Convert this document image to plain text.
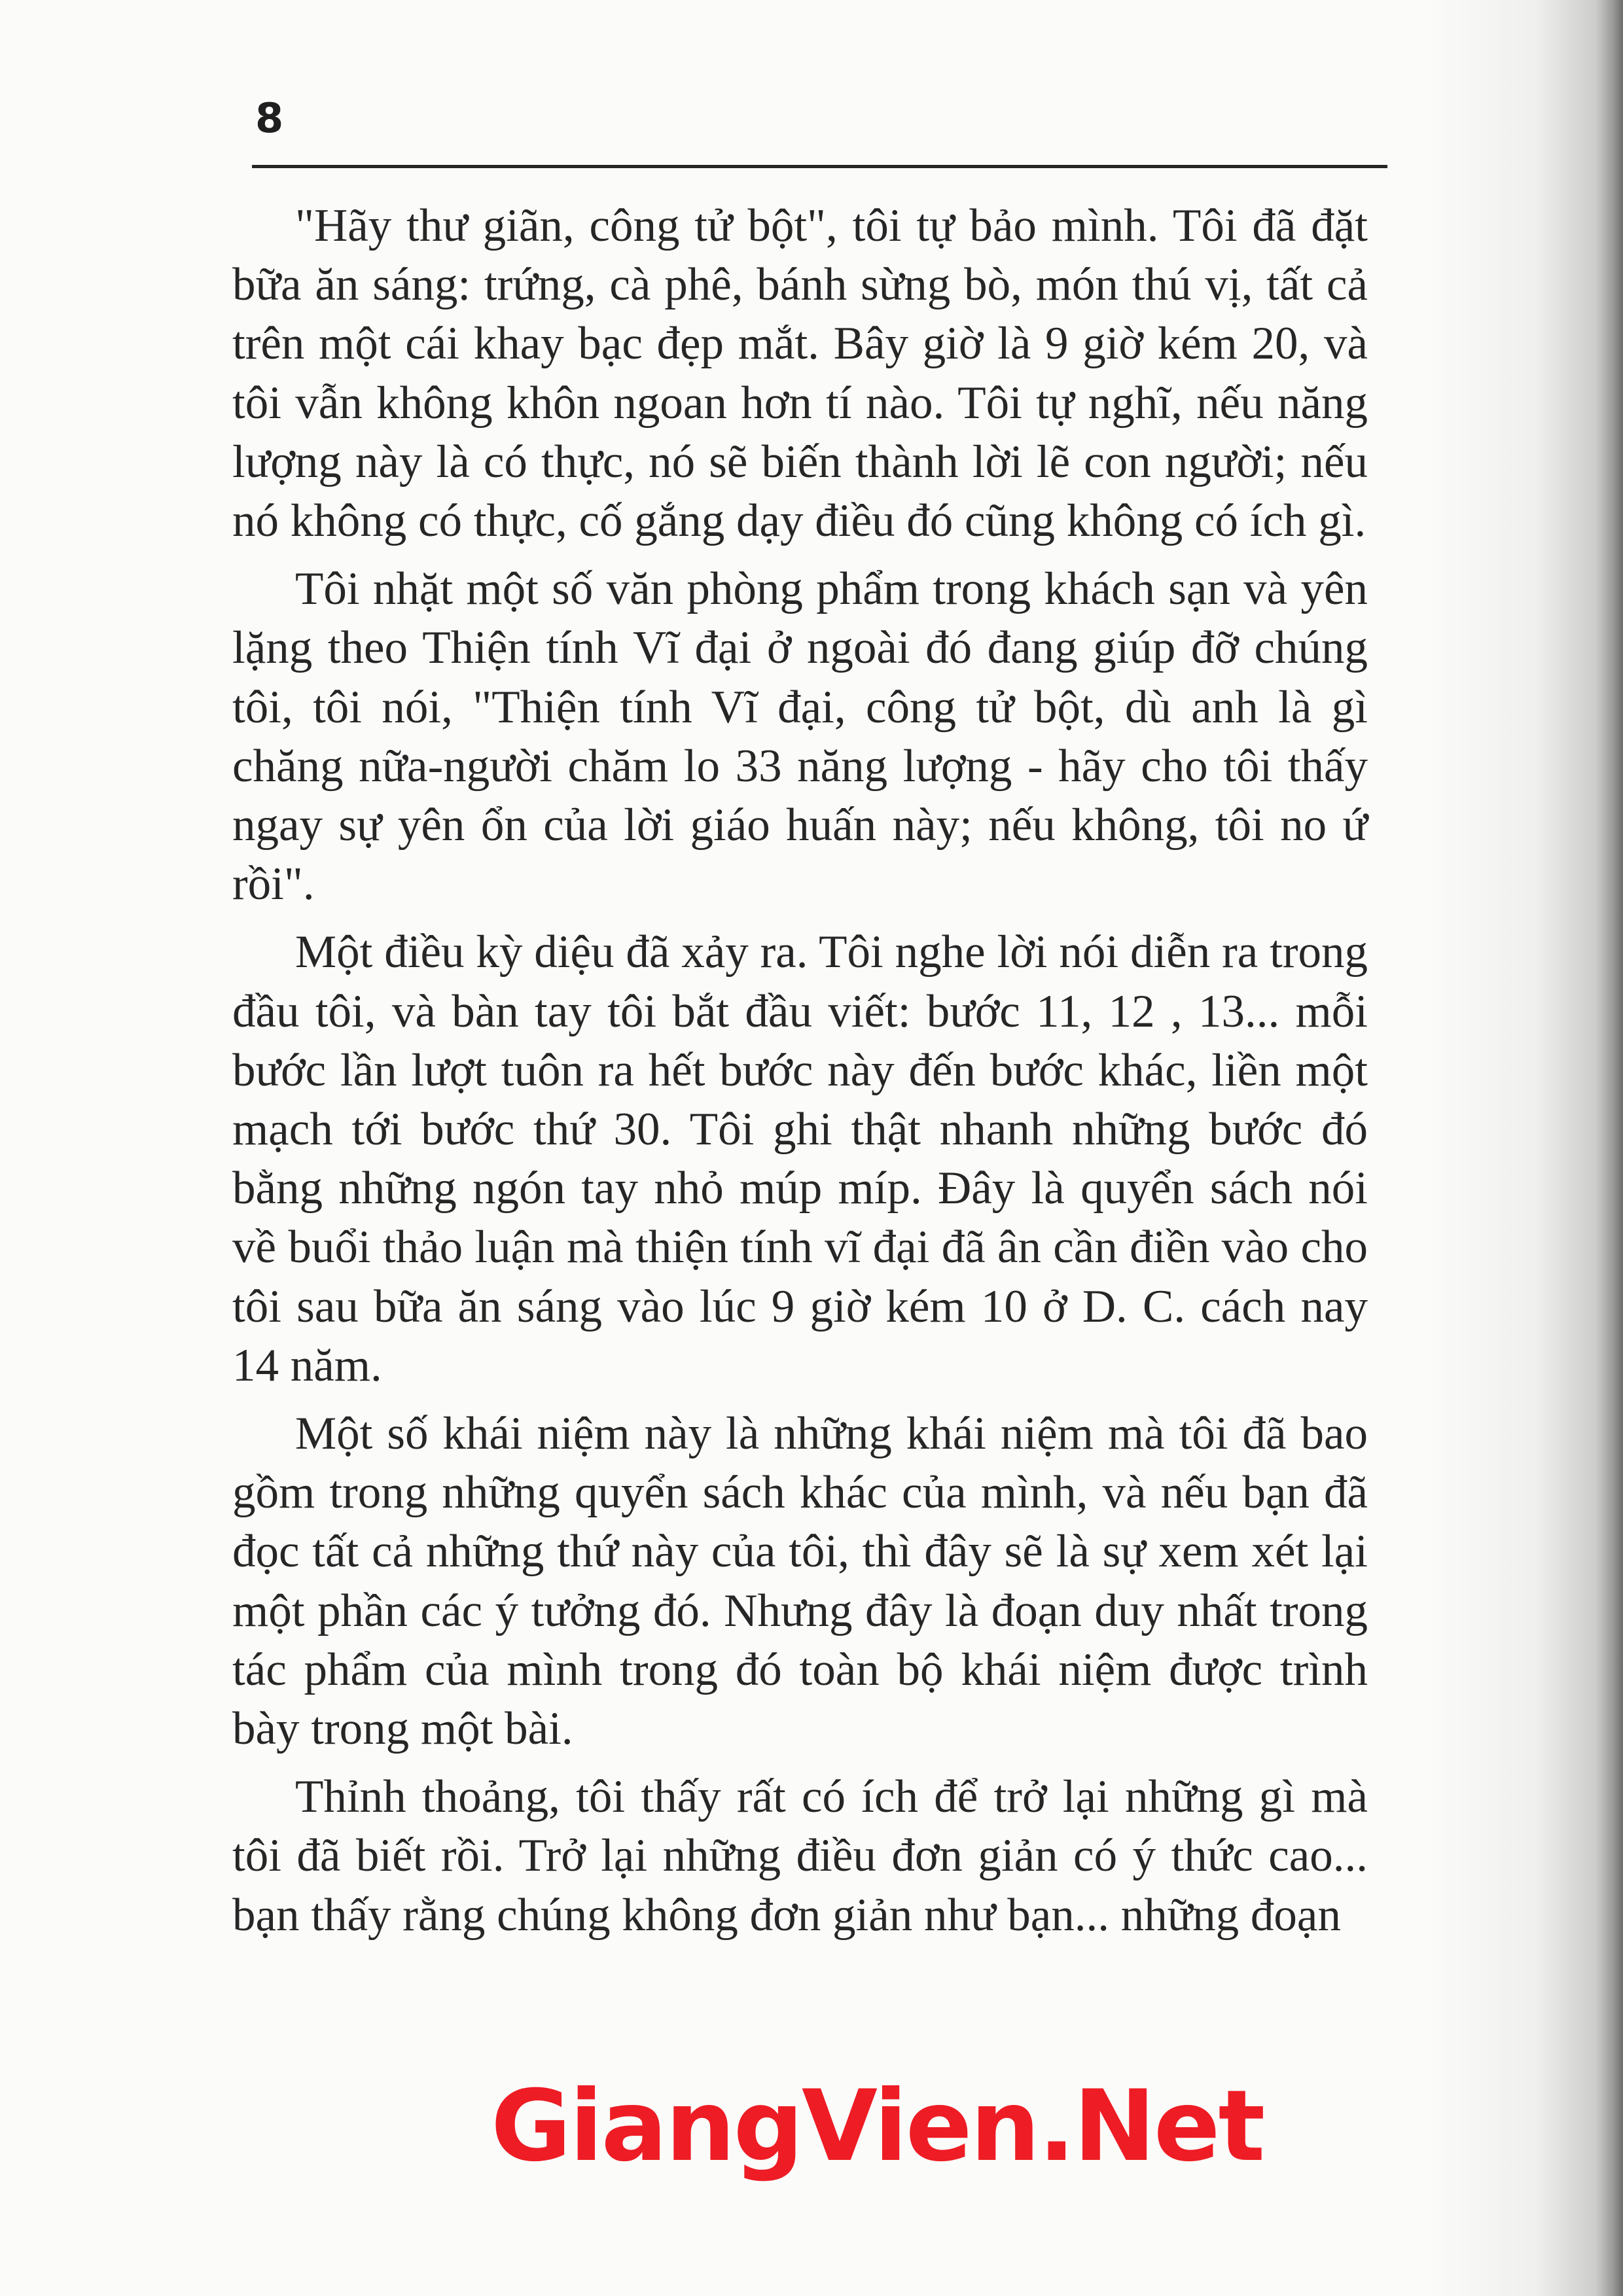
8

"Hãy thư giãn, công tử bột", tôi tự bảo mình. Tôi đã đặt bữa ăn sáng: trứng, cà phê, bánh sừng bò, món thú vị, tất cả trên một cái khay bạc đẹp mắt. Bây giờ là 9 giờ kém 20, và tôi vẫn không khôn ngoan hơn tí nào. Tôi tự nghĩ, nếu năng lượng này là có thực, nó sẽ biến thành lời lẽ con người; nếu nó không có thực, cố gắng dạy điều đó cũng không có ích gì.

Tôi nhặt một số văn phòng phẩm trong khách sạn và yên lặng theo Thiện tính Vĩ đại ở ngoài đó đang giúp đỡ chúng tôi, tôi nói, "Thiện tính Vĩ đại, công tử bột, dù anh là gì chăng nữa-người chăm lo 33 năng lượng - hãy cho tôi thấy ngay sự yên ổn của lời giáo huấn này; nếu không, tôi no ứ rồi".

Một điều kỳ diệu đã xảy ra. Tôi nghe lời nói diễn ra trong đầu tôi, và bàn tay tôi bắt đầu viết: bước 11, 12 , 13... mỗi bước lần lượt tuôn ra hết bước này đến bước khác, liền một mạch tới bước thứ 30. Tôi ghi thật nhanh những bước đó bằng những ngón tay nhỏ múp míp. Đây là quyển sách nói về buổi thảo luận mà thiện tính vĩ đại đã ân cần điền vào cho tôi sau bữa ăn sáng vào lúc 9 giờ kém 10 ở D. C. cách nay 14 năm.

Một số khái niệm này là những khái niệm mà tôi đã bao gồm trong những quyển sách khác của mình, và nếu bạn đã đọc tất cả những thứ này của tôi, thì đây sẽ là sự xem xét lại một phần các ý tưởng đó. Nhưng đây là đoạn duy nhất trong tác phẩm của mình trong đó toàn bộ khái niệm được trình bày trong một bài.

Thỉnh thoảng, tôi thấy rất có ích để trở lại những gì mà tôi đã biết rồi. Trở lại những điều đơn giản có ý thức cao... bạn thấy rằng chúng không đơn giản như bạn... những đoạn

GiangVien.Net
